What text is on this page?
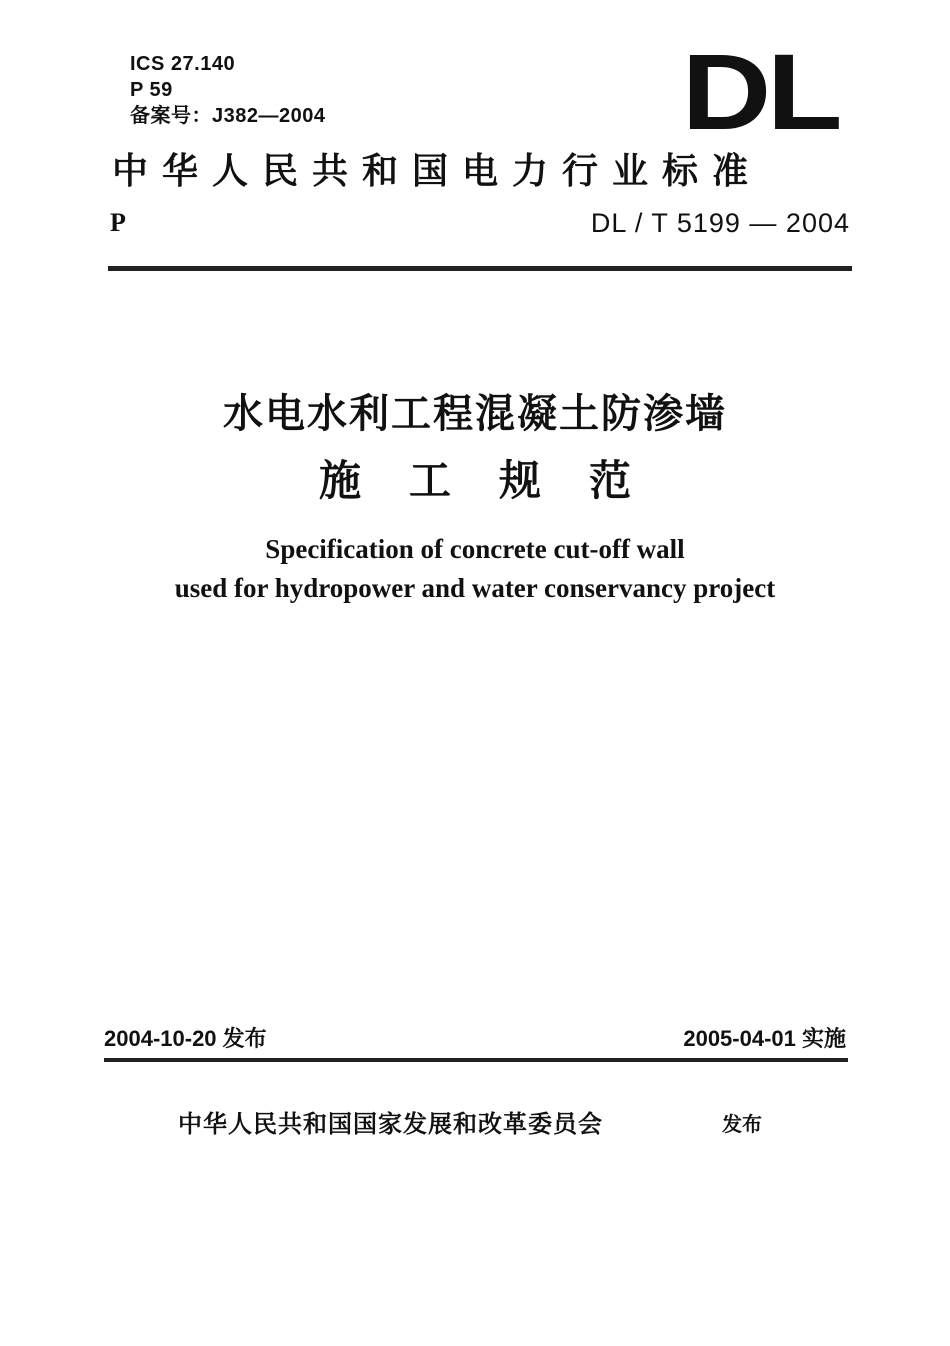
ICS 27.140
P 59
备案号：J382—2004	DL
中华人民共和国电力行业标准
P	DL / T 5199 — 2004
水电水利工程混凝土防渗墙
施工规范
Specification of concrete cut-off wall
used for hydropower and water conservancy project
2004-10-20 发布	2005-04-01 实施
中华人民共和国国家发展和改革委员会	发布
